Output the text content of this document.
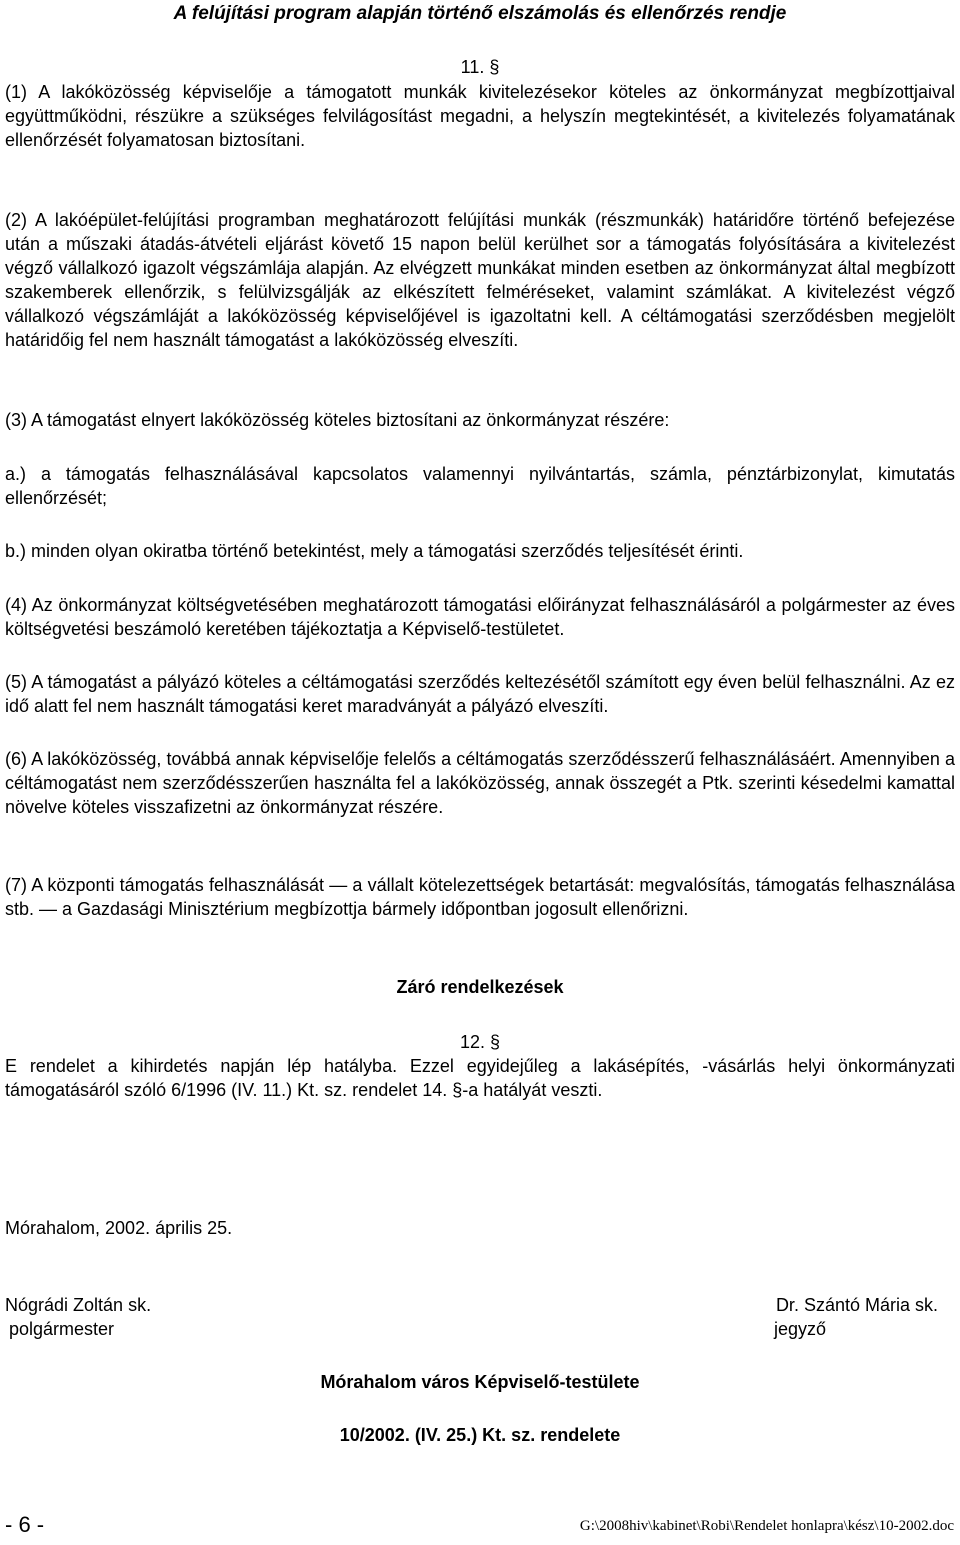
A felújítási program alapján történő elszámolás és ellenőrzés rendje
11. §

(1) A lakóközösség képviselője a támogatott munkák kivitelezésekor köteles az önkormányzat megbízottjaival együttműködni, részükre a szükséges felvilágosítást megadni, a helyszín megtekintését, a kivitelezés folyamatának ellenőrzését folyamatosan biztosítani.

(2) A lakóépület-felújítási programban meghatározott felújítási munkák (részmunkák) határidőre történő befejezése után a műszaki átadás-átvételi eljárást követő 15 napon belül kerülhet sor a támogatás folyósítására a kivitelezést végző vállalkozó igazolt végszámlája alapján. Az elvégzett munkákat minden esetben az önkormányzat által megbízott szakemberek ellenőrzik, s felülvizsgálják az elkészített felméréseket, valamint számlákat. A kivitelezést végző vállalkozó végszámláját a lakóközösség képviselőjével is igazoltatni kell. A céltámogatási szerződésben megjelölt határidőig fel nem használt támogatást a lakóközösség elveszíti.

(3) A támogatást elnyert lakóközösség köteles biztosítani az önkormányzat részére:

a.) a támogatás felhasználásával kapcsolatos valamennyi nyilvántartás, számla, pénztárbizonylat, kimutatás ellenőrzését;

b.) minden olyan okiratba történő betekintést, mely a támogatási szerződés teljesítését érinti.

(4) Az önkormányzat költségvetésében meghatározott támogatási előirányzat felhasználásáról a polgármester az éves költségvetési beszámoló keretében tájékoztatja a Képviselő-testületet.

(5) A támogatást a pályázó köteles a céltámogatási szerződés keltezésétől számított egy éven belül felhasználni. Az ez idő alatt fel nem használt támogatási keret maradványát a pályázó elveszíti.

(6) A lakóközösség, továbbá annak képviselője felelős a céltámogatás szerződésszerű felhasználásáért. Amennyiben a céltámogatást nem szerződésszerűen használta fel a lakóközösség, annak összegét a Ptk. szerinti késedelmi kamattal növelve köteles visszafizetni az önkormányzat részére.

(7) A központi támogatás felhasználását — a vállalt kötelezettségek betartását: megvalósítás, támogatás felhasználása stb. — a Gazdasági Minisztérium megbízottja bármely időpontban jogosult ellenőrizni.

Záró rendelkezések
12. §

E rendelet a kihirdetés napján lép hatályba. Ezzel egyidejűleg a lakásépítés, -vásárlás helyi önkormányzati támogatásáról szóló 6/1996 (IV. 11.) Kt. sz. rendelet 14. §-a hatályát veszti.

Mórahalom, 2002. április 25.
Nógrádi Zoltán sk.
polgármester
Dr. Szántó Mária sk.
jegyző
Mórahalom város Képviselő-testülete
10/2002. (IV. 25.) Kt. sz. rendelete
- 6 -	G:\2008hiv\kabinet\Robi\Rendelet honlapra\kész\10-2002.doc
